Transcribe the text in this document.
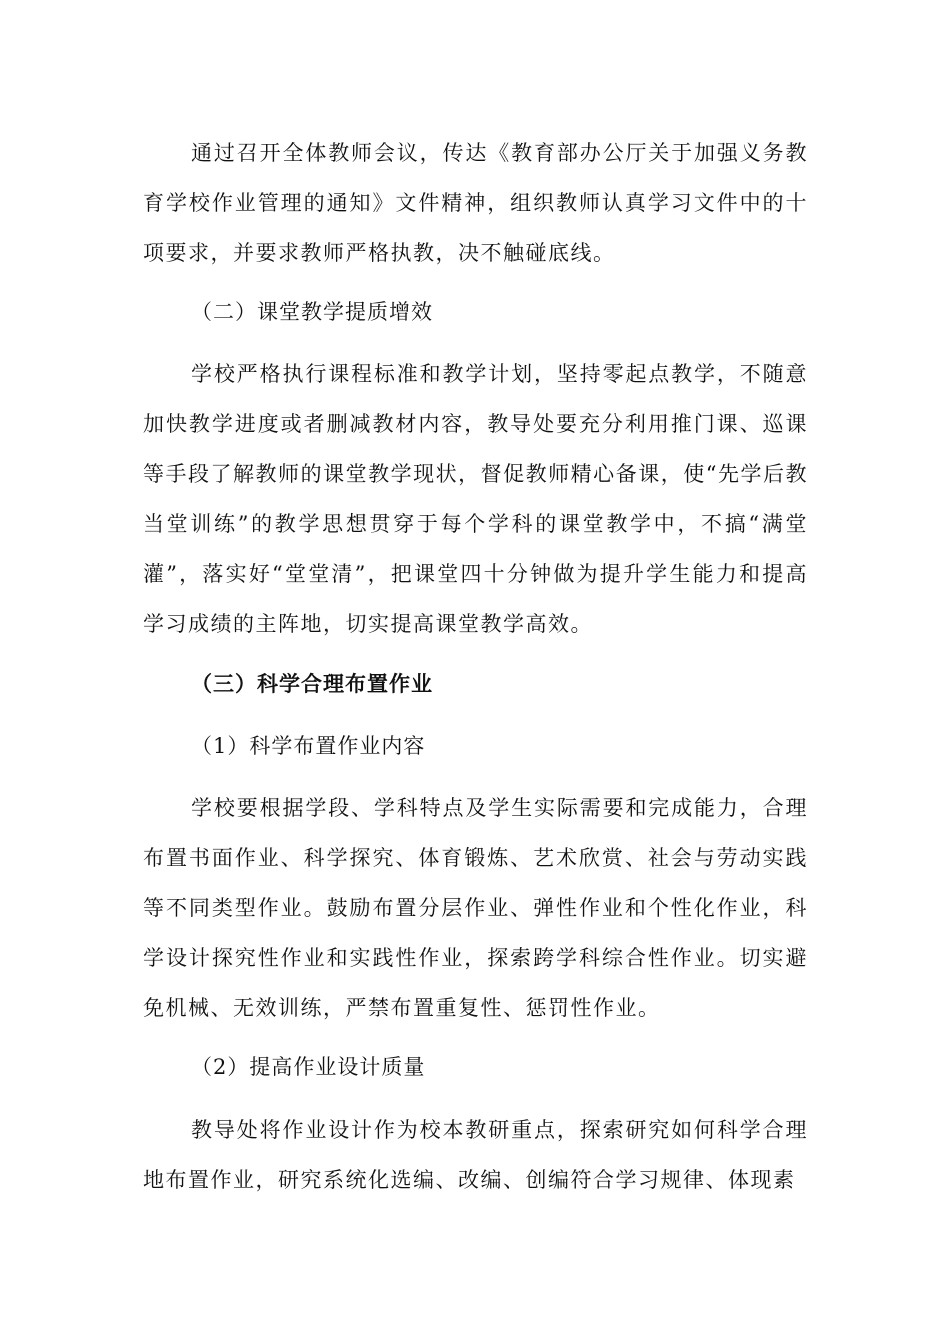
通过召开全体教师会议，传达《教育部办公厅关于加强义务教育学校作业管理的通知》文件精神，组织教师认真学习文件中的十项要求，并要求教师严格执教，决不触碰底线。

（二）课堂教学提质增效

学校严格执行课程标准和教学计划，坚持零起点教学，不随意加快教学进度或者删减教材内容，教导处要充分利用推门课、巡课等手段了解教师的课堂教学现状，督促教师精心备课，使“先学后教当堂训练”的教学思想贯穿于每个学科的课堂教学中，不搞“满堂灌”，落实好“堂堂清”，把课堂四十分钟做为提升学生能力和提高学习成绩的主阵地，切实提高课堂教学高效。

（三）科学合理布置作业

（1）科学布置作业内容

学校要根据学段、学科特点及学生实际需要和完成能力，合理布置书面作业、科学探究、体育锻炼、艺术欣赏、社会与劳动实践等不同类型作业。鼓励布置分层作业、弹性作业和个性化作业，科学设计探究性作业和实践性作业，探索跨学科综合性作业。切实避免机械、无效训练，严禁布置重复性、惩罚性作业。

（2）提高作业设计质量

教导处将作业设计作为校本教研重点，探索研究如何科学合理地布置作业，研究系统化选编、改编、创编符合学习规律、体现素
